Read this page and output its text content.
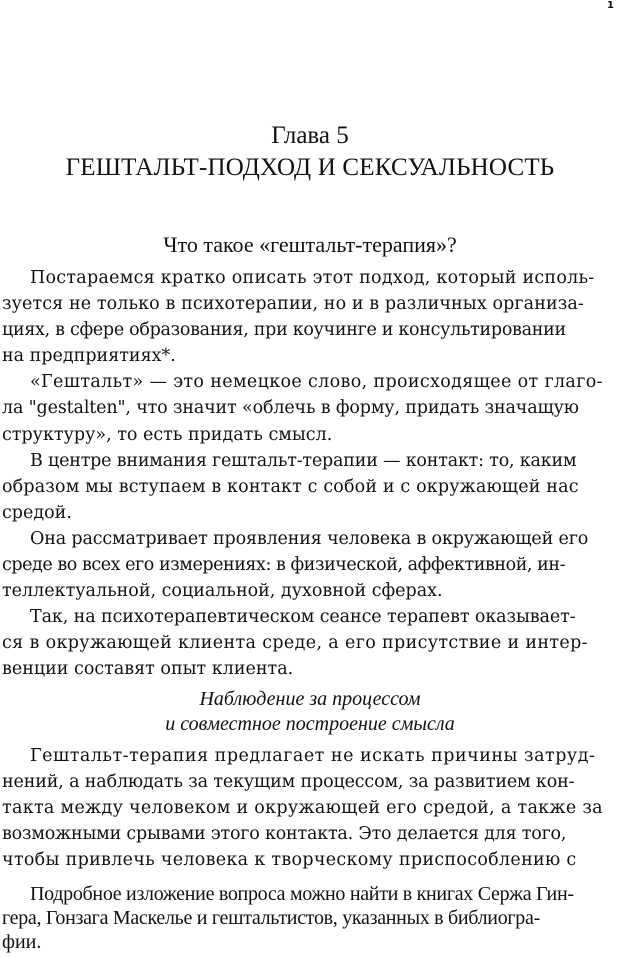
1
Глава 5
ГЕШТАЛЬТ-ПОДХОД И СЕКСУАЛЬНОСТЬ
Что такое «гештальт-терапия»?
Постараемся кратко описать этот подход, который исполь-
зуется не только в психотерапии, но и в различных организа-
циях, в сфере образования, при коучинге и консультировании
на предприятиях*.
«Гештальт» — это немецкое слово, происходящее от глаго-
ла "gestalten", что значит «облечь в форму, придать значащую
структуру», то есть придать смысл.
В центре внимания гештальт-терапии — контакт: то, каким
образом мы вступаем в контакт с собой и с окружающей нас
средой.
Она рассматривает проявления человека в окружающей его
среде во всех его измерениях: в физической, аффективной, ин-
теллектуальной, социальной, духовной сферах.
Так, на психотерапевтическом сеансе терапевт оказывает-
ся в окружающей клиента среде, а его присутствие и интер-
венции составят опыт клиента.
Наблюдение за процессом
и совместное построение смысла
Гештальт-терапия предлагает не искать причины затруд-
нений, а наблюдать за текущим процессом, за развитием кон-
такта между человеком и окружающей его средой, а также за
возможными срывами этого контакта. Это делается для того,
чтобы привлечь человека к творческому приспособлению с
Подробное изложение вопроса можно найти в книгах Сержа Гин-
гера, Гонзага Маскелье и гештальтистов, указанных в библиогра-
фии.
